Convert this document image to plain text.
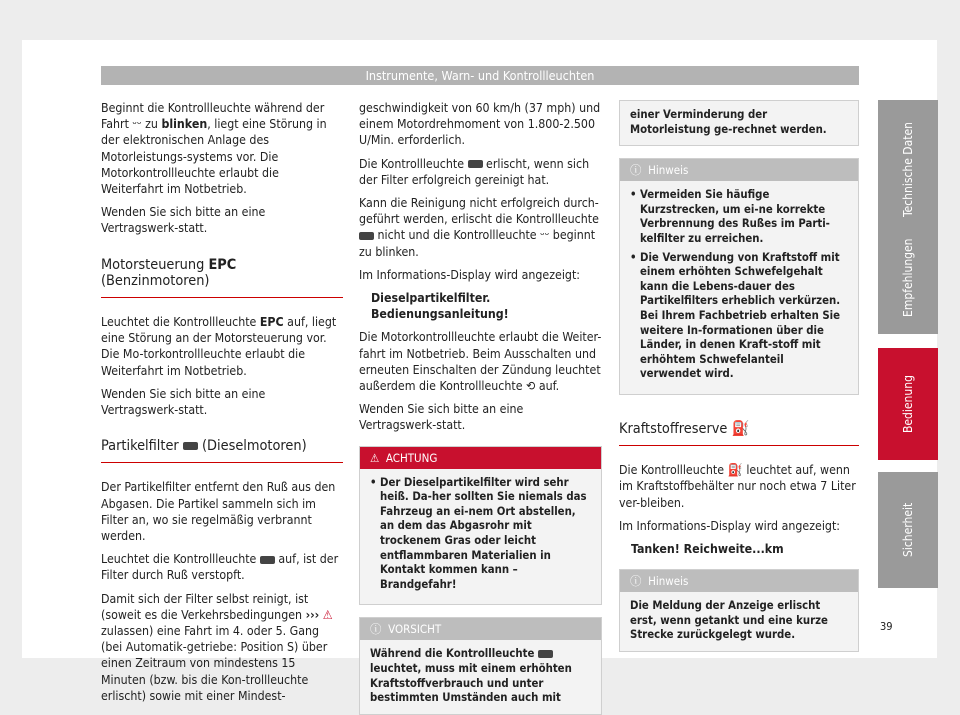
Instrumente, Warn- und Kontrollleuchten

Beginnt die Kontrollleuchte während der Fahrt ᵕᵕ zu blinken, liegt eine Störung in der elektronischen Anlage des Motorleistungs-systems vor. Die Motorkontrollleuchte erlaubt die Weiterfahrt im Notbetrieb.

Wenden Sie sich bitte an eine Vertragswerk-statt.

Motorsteuerung EPC (Benzinmotoren)

Leuchtet die Kontrollleuchte EPC auf, liegt eine Störung an der Motorsteuerung vor. Die Mo-torkontrollleuchte erlaubt die Weiterfahrt im Notbetrieb.

Wenden Sie sich bitte an eine Vertragswerk-statt.

Partikelfilter (Dieselmotoren)

Der Partikelfilter entfernt den Ruß aus den Abgasen. Die Partikel sammeln sich im Filter an, wo sie regelmäßig verbrannt werden.

Leuchtet die Kontrollleuchte  auf, ist der Filter durch Ruß verstopft.

Damit sich der Filter selbst reinigt, ist (soweit es die Verkehrsbedingungen ››› ⚠ zulassen) eine Fahrt im 4. oder 5. Gang (bei Automatik-getriebe: Position S) über einen Zeitraum von mindestens 15 Minuten (bzw. bis die Kon-trollleuchte erlischt) sowie mit einer Mindest-

geschwindigkeit von 60 km/h (37 mph) und einem Motordrehmoment von 1.800-2.500 U/Min. erforderlich.

Die Kontrollleuchte  erlischt, wenn sich der Filter erfolgreich gereinigt hat.

Kann die Reinigung nicht erfolgreich durch-geführt werden, erlischt die Kontrollleuchte  nicht und die Kontrollleuchte ᵕᵕ beginnt zu blinken.

Im Informations-Display wird angezeigt:

Dieselpartikelfilter. Bedienungsanleitung!

Die Motorkontrollleuchte erlaubt die Weiter-fahrt im Notbetrieb. Beim Ausschalten und erneuten Einschalten der Zündung leuchtet außerdem die Kontrollleuchte ⟲ auf.

Wenden Sie sich bitte an eine Vertragswerk-statt.

⚠ ACHTUNG
• Der Dieselpartikelfilter wird sehr heiß. Da-her sollten Sie niemals das Fahrzeug an ei-nem Ort abstellen, an dem das Abgasrohr mit trockenem Gras oder leicht entflammbaren Materialien in Kontakt kommen kann – Brandgefahr!
ⓘ VORSICHT
Während die Kontrollleuchte  leuchtet, muss mit einem erhöhten Kraftstoffverbrauch und unter bestimmten Umständen auch mit
einer Verminderung der Motorleistung ge-rechnet werden.
ⓘ Hinweis
• Vermeiden Sie häufige Kurzstrecken, um ei-ne korrekte Verbrennung des Rußes im Parti-kelfilter zu erreichen.
• Die Verwendung von Kraftstoff mit einem erhöhten Schwefelgehalt kann die Lebens-dauer des Partikelfilters erheblich verkürzen. Bei Ihrem Fachbetrieb erhalten Sie weitere In-formationen über die Länder, in denen Kraft-stoff mit erhöhtem Schwefelanteil verwendet wird.
Kraftstoffreserve ⛽

Die Kontrollleuchte ⛽ leuchtet auf, wenn im Kraftstoffbehälter nur noch etwa 7 Liter ver-bleiben.

Im Informations-Display wird angezeigt:

Tanken! Reichweite...km

ⓘ Hinweis
Die Meldung der Anzeige erlischt erst, wenn getankt und eine kurze Strecke zurückgelegt wurde.
Technische Daten
Empfehlungen
Bedienung
Sicherheit
39
